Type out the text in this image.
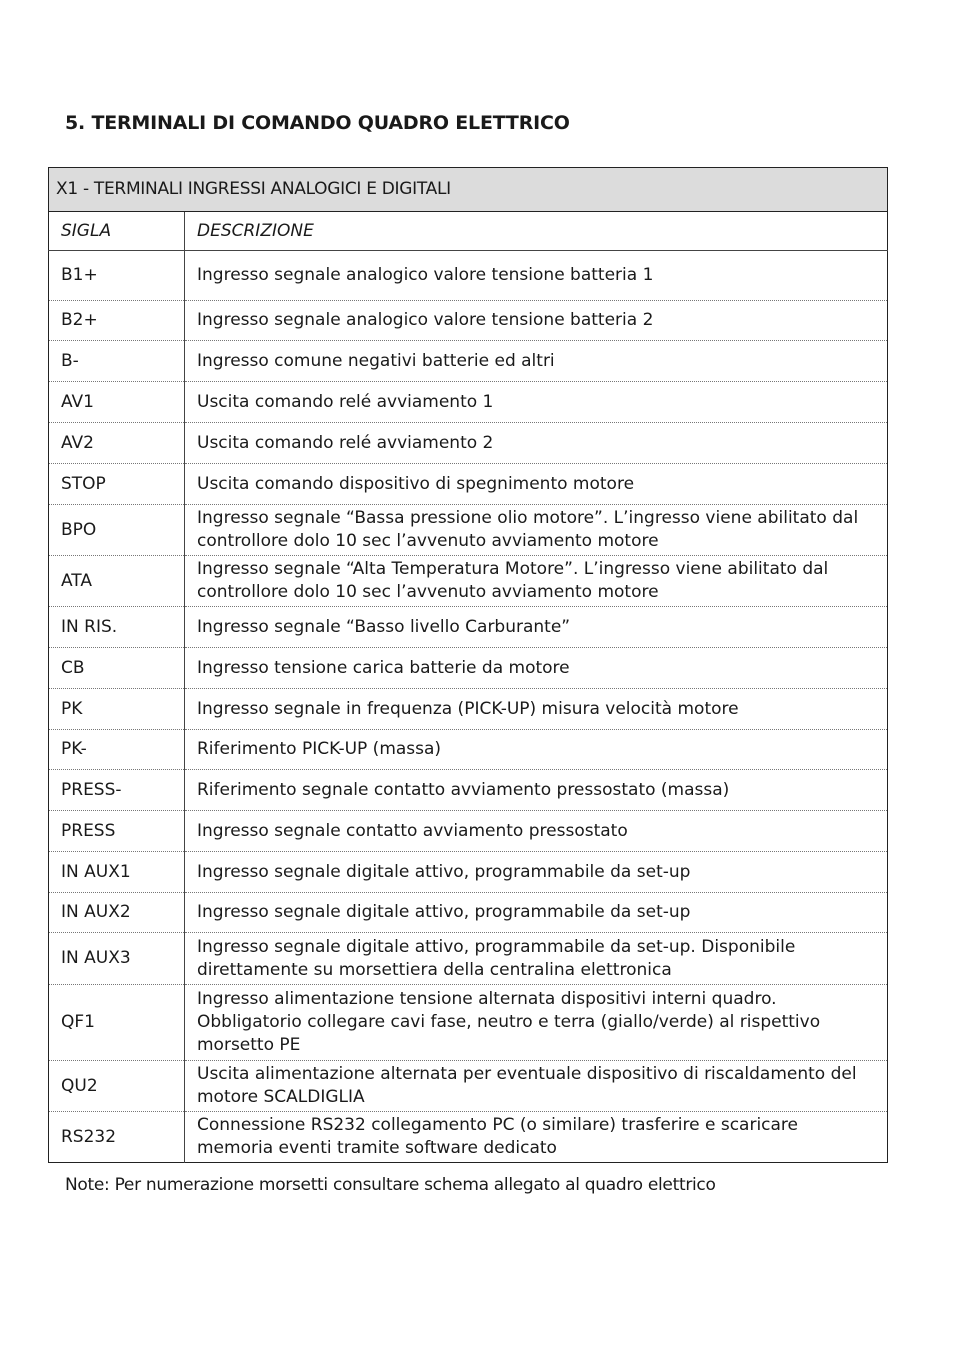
5. TERMINALI DI COMANDO QUADRO ELETTRICO
X1 - TERMINALI INGRESSI ANALOGICI E DIGITALI	
SIGLA	DESCRIZIONE
B1+	Ingresso segnale analogico valore tensione batteria 1
B2+	Ingresso segnale analogico valore tensione batteria 2
B-	Ingresso comune negativi batterie ed altri
AV1	Uscita comando relé avviamento 1
AV2	Uscita comando relé avviamento 2
STOP	Uscita comando dispositivo di spegnimento motore
BPO	Ingresso segnale “Bassa pressione olio motore”. L’ingresso viene abilitato dal controllore dolo 10 sec l’avvenuto avviamento motore
ATA	Ingresso segnale “Alta Temperatura Motore”. L’ingresso viene abilitato dal controllore dolo 10 sec l’avvenuto avviamento motore
IN RIS.	Ingresso segnale “Basso livello Carburante”
CB	Ingresso tensione carica batterie da motore
PK	Ingresso segnale in frequenza (PICK-UP) misura velocità motore
PK-	Riferimento PICK-UP (massa)
PRESS-	Riferimento segnale contatto avviamento pressostato (massa)
PRESS	Ingresso segnale contatto avviamento pressostato
IN AUX1	Ingresso segnale digitale attivo, programmabile da set-up
IN AUX2	Ingresso segnale digitale attivo, programmabile da set-up
IN AUX3	Ingresso segnale digitale attivo, programmabile da set-up. Disponibile direttamente su morsettiera della centralina elettronica
QF1	Ingresso alimentazione tensione alternata dispositivi interni quadro. Obbligatorio collegare cavi fase, neutro e terra (giallo/verde) al rispettivo morsetto PE
QU2	Uscita alimentazione alternata per eventuale dispositivo di riscaldamento del motore SCALDIGLIA
RS232	Connessione RS232 collegamento PC (o similare) trasferire e scaricare memoria eventi tramite software dedicato
Note: Per numerazione morsetti consultare schema allegato al quadro elettrico
